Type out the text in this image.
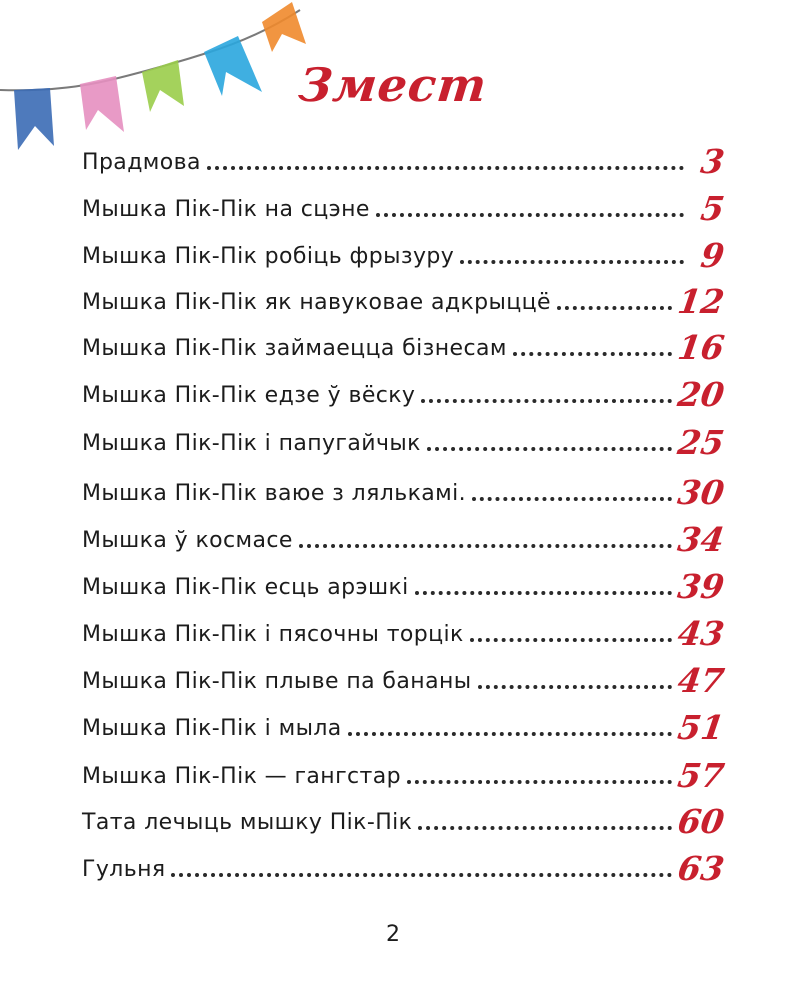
Змест
Прадмова	3
Мышка Пік-Пік на сцэне	5
Мышка Пік-Пік робіць фрызуру	9
Мышка Пік-Пік як навуковае адкрыццё	12
Мышка Пік-Пік займаецца бізнесам	16
Мышка Пік-Пік едзе ў вёску	20
Мышка Пік-Пік і папугайчык	25
Мышка Пік-Пік ваюе з лялькамі.	30
Мышка ў космасе	34
Мышка Пік-Пік есць арэшкі	39
Мышка Пік-Пік і пясочны торцік	43
Мышка Пік-Пік плыве па бананы	47
Мышка Пік-Пік і мыла	51
Мышка Пік-Пік — гангстар	57
Тата лечыць мышку Пік-Пік	60
Гульня	63
2
